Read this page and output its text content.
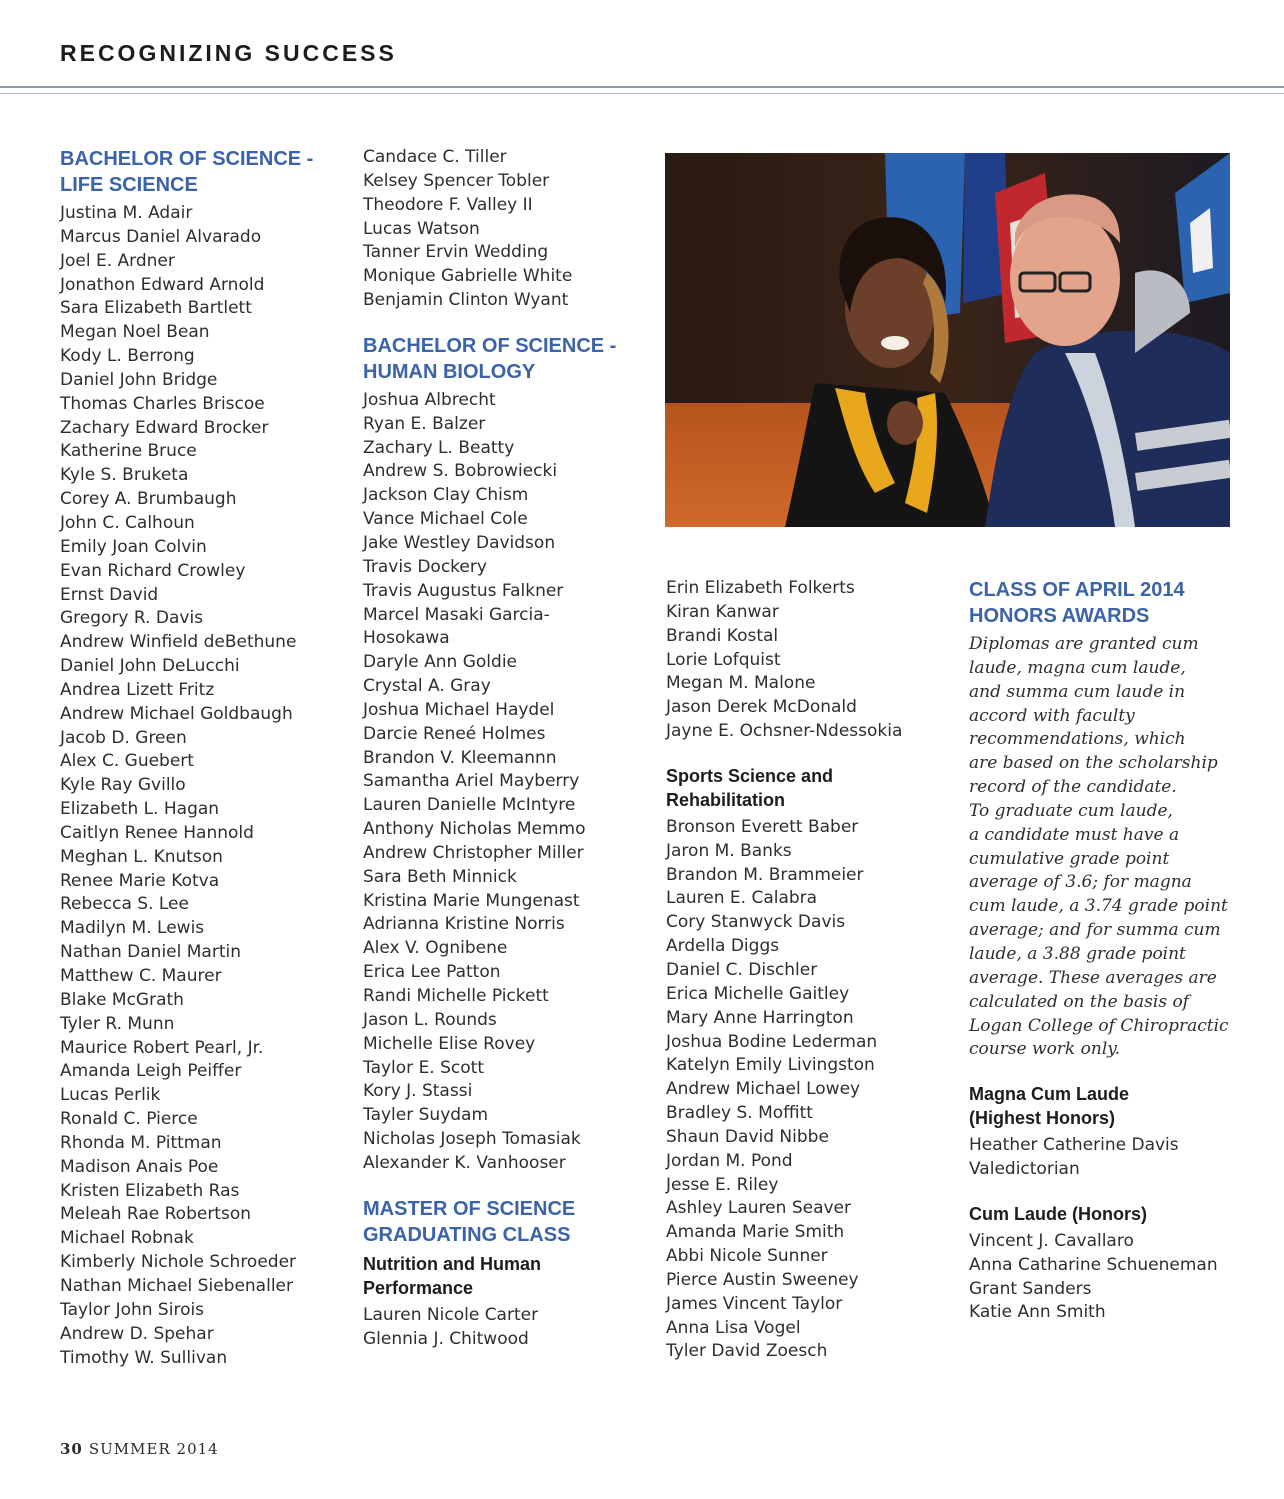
RECOGNIZING SUCCESS
BACHELOR OF SCIENCE -
LIFE SCIENCE
Justina M. Adair
Marcus Daniel Alvarado
Joel E. Ardner
Jonathon Edward Arnold
Sara Elizabeth Bartlett
Megan Noel Bean
Kody L. Berrong
Daniel John Bridge
Thomas Charles Briscoe
Zachary Edward Brocker
Katherine Bruce
Kyle S. Bruketa
Corey A. Brumbaugh
John C. Calhoun
Emily Joan Colvin
Evan Richard Crowley
Ernst David
Gregory R. Davis
Andrew Winfield deBethune
Daniel John DeLucchi
Andrea Lizett Fritz
Andrew Michael Goldbaugh
Jacob D. Green
Alex C. Guebert
Kyle Ray Gvillo
Elizabeth L. Hagan
Caitlyn Renee Hannold
Meghan L. Knutson
Renee Marie Kotva
Rebecca S. Lee
Madilyn M. Lewis
Nathan Daniel Martin
Matthew C. Maurer
Blake McGrath
Tyler R. Munn
Maurice Robert Pearl, Jr.
Amanda Leigh Peiffer
Lucas Perlik
Ronald C. Pierce
Rhonda M. Pittman
Madison Anais Poe
Kristen Elizabeth Ras
Meleah Rae Robertson
Michael Robnak
Kimberly Nichole Schroeder
Nathan Michael Siebenaller
Taylor John Sirois
Andrew D. Spehar
Timothy W. Sullivan
Candace C. Tiller
Kelsey Spencer Tobler
Theodore F. Valley II
Lucas Watson
Tanner Ervin Wedding
Monique Gabrielle White
Benjamin Clinton Wyant
BACHELOR OF SCIENCE -
HUMAN BIOLOGY
Joshua Albrecht
Ryan E. Balzer
Zachary L. Beatty
Andrew S. Bobrowiecki
Jackson Clay Chism
Vance Michael Cole
Jake Westley Davidson
Travis Dockery
Travis Augustus Falkner
Marcel Masaki Garcia-
Hosokawa
Daryle Ann Goldie
Crystal A. Gray
Joshua Michael Haydel
Darcie Reneé Holmes
Brandon V. Kleemannn
Samantha Ariel Mayberry
Lauren Danielle McIntyre
Anthony Nicholas Memmo
Andrew Christopher Miller
Sara Beth Minnick
Kristina Marie Mungenast
Adrianna Kristine Norris
Alex V. Ognibene
Erica Lee Patton
Randi Michelle Pickett
Jason L. Rounds
Michelle Elise Rovey
Taylor E. Scott
Kory J. Stassi
Tayler Suydam
Nicholas Joseph Tomasiak
Alexander K. Vanhooser
MASTER OF SCIENCE
GRADUATING CLASS
Nutrition and Human
Performance
Lauren Nicole Carter
Glennia J. Chitwood
Erin Elizabeth Folkerts
Kiran Kanwar
Brandi Kostal
Lorie Lofquist
Megan M. Malone
Jason Derek McDonald
Jayne E. Ochsner-Ndessokia
Sports Science and
Rehabilitation
Bronson Everett Baber
Jaron M. Banks
Brandon M. Brammeier
Lauren E. Calabra
Cory Stanwyck Davis
Ardella Diggs
Daniel C. Dischler
Erica Michelle Gaitley
Mary Anne Harrington
Joshua Bodine Lederman
Katelyn Emily Livingston
Andrew Michael Lowey
Bradley S. Moffitt
Shaun David Nibbe
Jordan M. Pond
Jesse E. Riley
Ashley Lauren Seaver
Amanda Marie Smith
Abbi Nicole Sunner
Pierce Austin Sweeney
James Vincent Taylor
Anna Lisa Vogel
Tyler David Zoesch
CLASS OF APRIL 2014
HONORS AWARDS
Diplomas are granted cum
laude, magna cum laude,
and summa cum laude in
accord with faculty
recommendations, which
are based on the scholarship
record of the candidate.
To graduate cum laude,
a candidate must have a
cumulative grade point
average of 3.6; for magna
cum laude, a 3.74 grade point
average; and for summa cum
laude, a 3.88 grade point
average. These averages are
calculated on the basis of
Logan College of Chiropractic
course work only.
Magna Cum Laude
(Highest Honors)
Heather Catherine Davis
Valedictorian
Cum Laude (Honors)
Vincent J. Cavallaro
Anna Catharine Schueneman
Grant Sanders
Katie Ann Smith
30 SUMMER 2014
